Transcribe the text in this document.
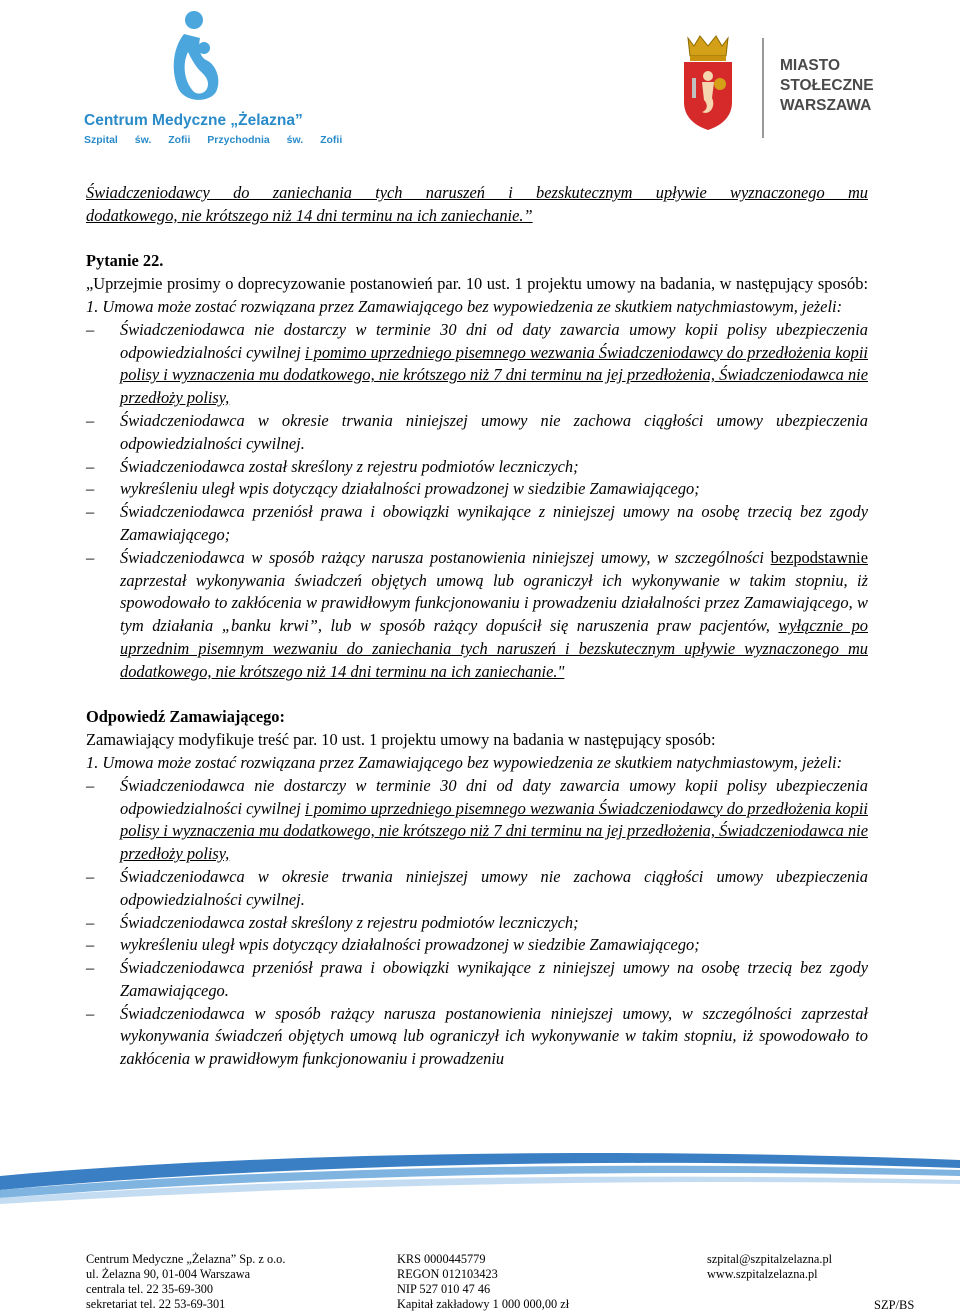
Centrum Medyczne „Żelazna”
Szpital św. Zofii Przychodnia św. Zofii
MIASTO
STOŁECZNE
WARSZAWA

Świadczeniodawcy do zaniechania tych naruszeń i bezskutecznym upływie wyznaczonego mu

dodatkowego, nie krótszego niż 14 dni terminu na ich zaniechanie.”

Pytanie 22.

„Uprzejmie prosimy o doprecyzowanie postanowień par. 10 ust. 1 projektu umowy na badania, w następujący sposób: 1. Umowa może zostać rozwiązana przez Zamawiającego bez wypowiedzenia ze skutkiem natychmiastowym, jeżeli:

– Świadczeniodawca nie dostarczy w terminie 30 dni od daty zawarcia umowy kopii polisy ubezpieczenia odpowiedzialności cywilnej i pomimo uprzedniego pisemnego wezwania Świadczeniodawcy do przedłożenia kopii polisy i wyznaczenia mu dodatkowego, nie krótszego niż 7 dni terminu na jej przedłożenia, Świadczeniodawca nie przedłoży polisy,

– Świadczeniodawca w okresie trwania niniejszej umowy nie zachowa ciągłości umowy ubezpieczenia odpowiedzialności cywilnej.

– Świadczeniodawca został skreślony z rejestru podmiotów leczniczych;

– wykreśleniu uległ wpis dotyczący działalności prowadzonej w siedzibie Zamawiającego;

– Świadczeniodawca przeniósł prawa i obowiązki wynikające z niniejszej umowy na osobę trzecią bez zgody Zamawiającego;

– Świadczeniodawca w sposób rażący narusza postanowienia niniejszej umowy, w szczególności bezpodstawnie zaprzestał wykonywania świadczeń objętych umową lub ograniczył ich wykonywanie w takim stopniu, iż spowodowało to zakłócenia w prawidłowym funkcjonowaniu i prowadzeniu działalności przez Zamawiającego, w tym działania „banku krwi”, lub w sposób rażący dopuścił się naruszenia praw pacjentów, wyłącznie po uprzednim pisemnym wezwaniu do zaniechania tych naruszeń i bezskutecznym upływie wyznaczonego mu dodatkowego, nie krótszego niż 14 dni terminu na ich zaniechanie."

Odpowiedź Zamawiającego:

Zamawiający modyfikuje treść par. 10 ust. 1 projektu umowy na badania w następujący sposób:

1. Umowa może zostać rozwiązana przez Zamawiającego bez wypowiedzenia ze skutkiem natychmiastowym, jeżeli:

– Świadczeniodawca nie dostarczy w terminie 30 dni od daty zawarcia umowy kopii polisy ubezpieczenia odpowiedzialności cywilnej i pomimo uprzedniego pisemnego wezwania Świadczeniodawcy do przedłożenia kopii polisy i wyznaczenia mu dodatkowego, nie krótszego niż 7 dni terminu na jej przedłożenia, Świadczeniodawca nie przedłoży polisy,

– Świadczeniodawca w okresie trwania niniejszej umowy nie zachowa ciągłości umowy ubezpieczenia odpowiedzialności cywilnej.

– Świadczeniodawca został skreślony z rejestru podmiotów leczniczych;

– wykreśleniu uległ wpis dotyczący działalności prowadzonej w siedzibie Zamawiającego;

– Świadczeniodawca przeniósł prawa i obowiązki wynikające z niniejszej umowy na osobę trzecią bez zgody Zamawiającego.

– Świadczeniodawca w sposób rażący narusza postanowienia niniejszej umowy, w szczególności zaprzestał wykonywania świadczeń objętych umową lub ograniczył ich wykonywanie w takim stopniu, iż spowodowało to zakłócenia w prawidłowym funkcjonowaniu i prowadzeniu

Centrum Medyczne „Żelazna” Sp. z o.o.
ul. Żelazna 90, 01-004 Warszawa
centrala tel. 22 35-69-300
sekretariat tel. 22 53-69-301
KRS 0000445779
REGON 012103423
NIP 527 010 47 46
Kapitał zakładowy 1 000 000,00 zł
szpital@szpitalzelazna.pl
www.szpitalzelazna.pl
SZP/BS
